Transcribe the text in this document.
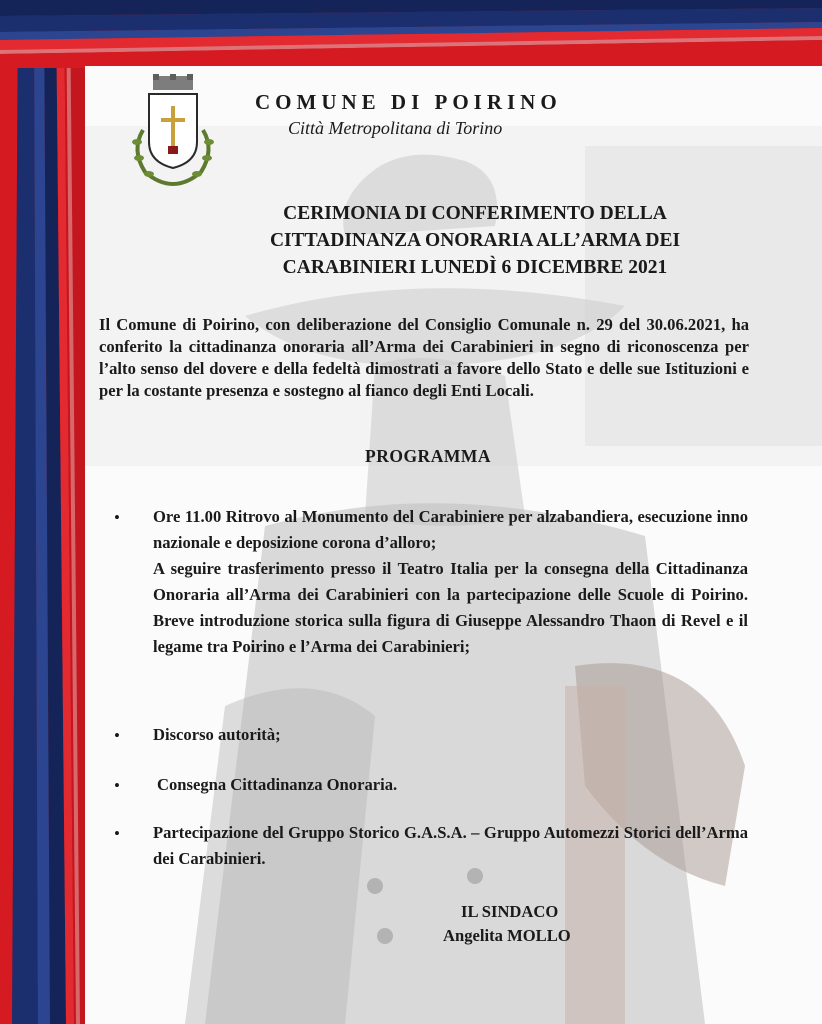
COMUNE DI POIRINO
Città Metropolitana di Torino
CERIMONIA DI CONFERIMENTO DELLA
CITTADINANZA ONORARIA ALL’ARMA DEI
CARABINIERI LUNEDÌ 6 DICEMBRE 2021
Il Comune di Poirino, con deliberazione del Consiglio Comunale n. 29 del 30.06.2021, ha conferito la cittadinanza onoraria all’Arma dei Carabinieri in segno di riconoscenza per l’alto senso del dovere e della fedeltà dimostrati a favore dello Stato e delle sue Istituzioni e per la costante presenza e sostegno al fianco degli Enti Locali.
PROGRAMMA
• Ore 11.00 Ritrovo al Monumento del Carabiniere per alzabandiera, esecuzione inno nazionale e deposizione corona d’alloro;
A seguire trasferimento presso il Teatro Italia per la consegna della Cittadinanza Onoraria all’Arma dei Carabinieri con la partecipazione delle Scuole di Poirino. Breve introduzione storica sulla figura di Giuseppe Alessandro Thaon di Revel e il legame tra Poirino e l’Arma dei Carabinieri;
• Discorso autorità;
• Consegna Cittadinanza Onoraria.
• Partecipazione del Gruppo Storico G.A.S.A. – Gruppo Automezzi Storici dell’Arma dei Carabinieri.
IL SINDACO
Angelita MOLLO
